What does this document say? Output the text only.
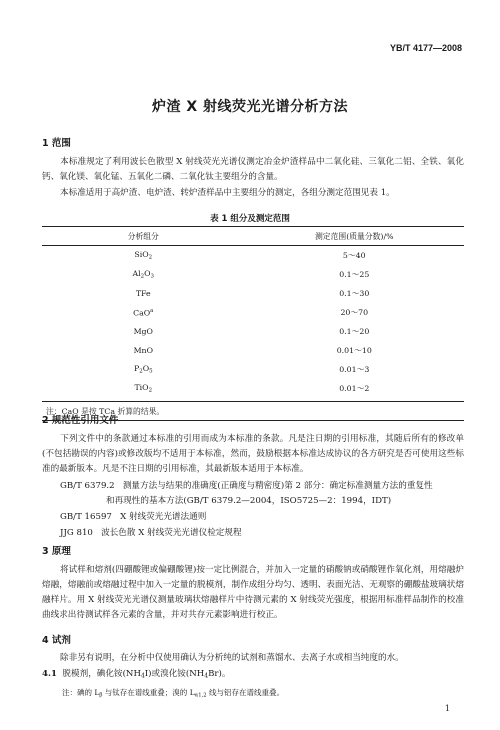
YB/T 4177—2008
炉渣 X 射线荧光光谱分析方法
1 范围
本标准规定了利用波长色散型 X 射线荧光光谱仪测定冶金炉渣样品中二氧化硅、三氧化二铝、全铁、氧化钙、氧化镁、氧化锰、五氧化二磷、二氧化钛主要组分的含量。
本标准适用于高炉渣、电炉渣、转炉渣样品中主要组分的测定，各组分测定范围见表 1。
表 1 组分及测定范围
分析组分	测定范围(质量分数)/%
SiO$_2$	5～40
$Al_2O_3$	0.1～25
TFe	0.1～30
CaO$^a$	20～70
MgO	0.1～20
MnO	0.01～10
$P_2O_5$	0.01～3
TiO$_2$	0.01～2
注：CaO 是按 TCa 折算的结果。	
2 规范性引用文件
下列文件中的条款通过本标准的引用而成为本标准的条款。凡是注日期的引用标准，其随后所有的修改单(不包括勘误的内容)或修改版均不适用于本标准，然而，鼓励根据本标准达成协议的各方研究是否可使用这些标准的最新版本。凡是不注日期的引用标准，其最新版本适用于本标准。
GB/T 6379.2 测量方法与结果的准确度(正确度与精密度)第 2 部分：确定标准测量方法的重复性
和再现性的基本方法(GB/T 6379.2—2004，ISO5725—2：1994，IDT)
GB/T 16597 X 射线荧光光谱法通则
JJG 810 波长色散 X 射线荧光光谱仪检定规程
3 原理
将试样和熔剂(四硼酸锂或偏硼酸锂)按一定比例混合，并加入一定量的硝酸钠或硝酸锂作氧化剂，用熔融炉熔融，熔融前或熔融过程中加入一定量的脱模剂，制作成组分均匀、透明、表面光洁、无观察的硼酸盐玻璃状熔融样片。用 X 射线荧光光谱仪测量玻璃状熔融样片中待测元素的 X 射线荧光强度，根据用标准样品制作的校准曲线求出待测试样各元素的含量，并对共存元素影响进行校正。
4 试剂
除非另有说明，在分析中仅使用确认为分析纯的试剂和蒸馏水、去离子水或相当纯度的水。
4.1 脱模剂，碘化铵$(NH_4I)$或溴化铵$(NH_4Br)$。
注：碘的 $L_\beta$ 与钛存在谱线重叠；溴的 $L_{\alpha 1,2}$ 线与铝存在谱线重叠。
1
